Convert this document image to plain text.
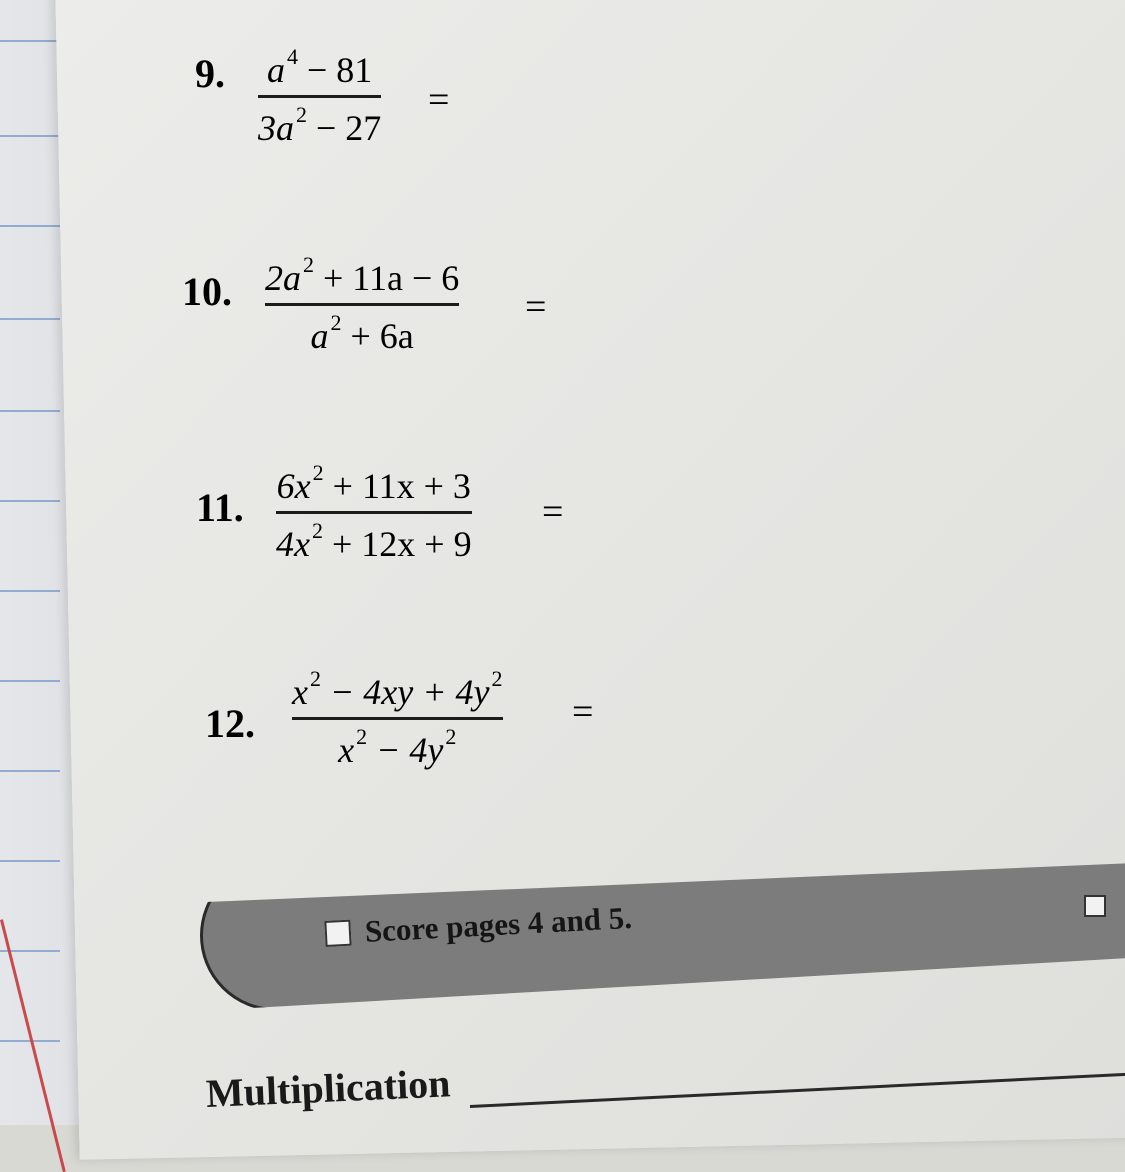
9. $a^4 - 81$
$3a^2 - 27$
=
10. $2a^2 + 11a - 6$
$a^2 + 6a$
=
11. $6x^2 + 11x + 3$
$4x^2 + 12x + 9$
=
12.
$x^2 - 4xy + 4y^2$
$x^2 - 4y^2$
=
Score pages 4 and 5.
Multiplication
